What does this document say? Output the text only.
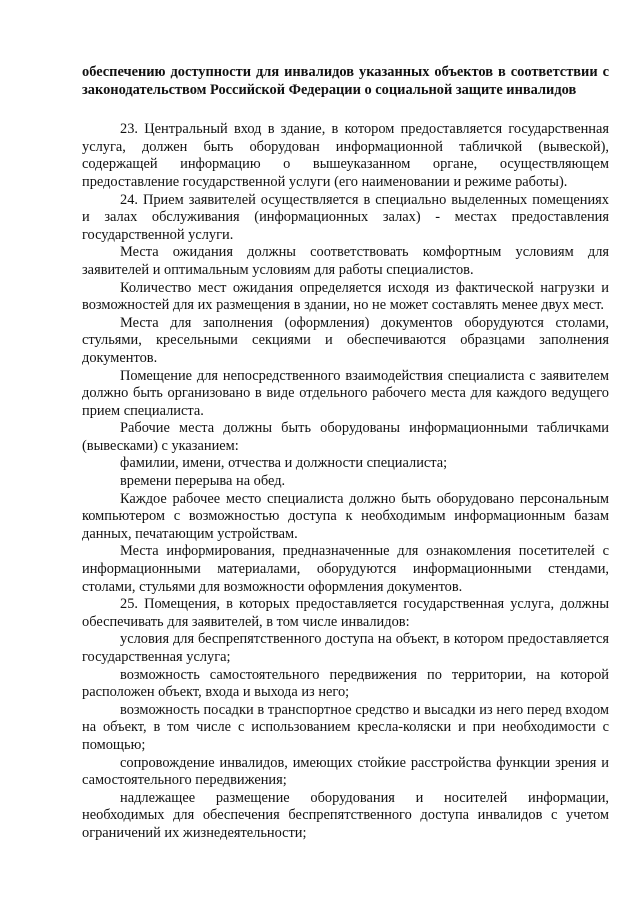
обеспечению доступности для инвалидов указанных объектов в соответствии с законодательством Российской Федерации о социальной защите инвалидов

23. Центральный вход в здание, в котором предоставляется государственная услуга, должен быть оборудован информационной табличкой (вывеской), содержащей информацию о вышеуказанном органе, осуществляющем предоставление государственной услуги (его наименовании и режиме работы).

24. Прием заявителей осуществляется в специально выделенных помещениях и залах обслуживания (информационных залах) - местах предоставления государственной услуги.

Места ожидания должны соответствовать комфортным условиям для заявителей и оптимальным условиям для работы специалистов.

Количество мест ожидания определяется исходя из фактической нагрузки и возможностей для их размещения в здании, но не может составлять менее двух мест.

Места для заполнения (оформления) документов оборудуются столами, стульями, кресельными секциями и обеспечиваются образцами заполнения документов.

Помещение для непосредственного взаимодействия специалиста с заявителем должно быть организовано в виде отдельного рабочего места для каждого ведущего прием специалиста.

Рабочие места должны быть оборудованы информационными табличками (вывесками) с указанием:

фамилии, имени, отчества и должности специалиста;

времени перерыва на обед.

Каждое рабочее место специалиста должно быть оборудовано персональным компьютером с возможностью доступа к необходимым информационным базам данных, печатающим устройствам.

Места информирования, предназначенные для ознакомления посетителей с информационными материалами, оборудуются информационными стендами, столами, стульями для возможности оформления документов.

25. Помещения, в которых предоставляется государственная услуга, должны обеспечивать для заявителей, в том числе инвалидов:

условия для беспрепятственного доступа на объект, в котором предоставляется государственная услуга;

возможность самостоятельного передвижения по территории, на которой расположен объект, входа и выхода из него;

возможность посадки в транспортное средство и высадки из него перед входом на объект, в том числе с использованием кресла-коляски и при необходимости с помощью;

сопровождение инвалидов, имеющих стойкие расстройства функции зрения и самостоятельного передвижения;

надлежащее размещение оборудования и носителей информации, необходимых для обеспечения беспрепятственного доступа инвалидов с учетом ограничений их жизнедеятельности;
